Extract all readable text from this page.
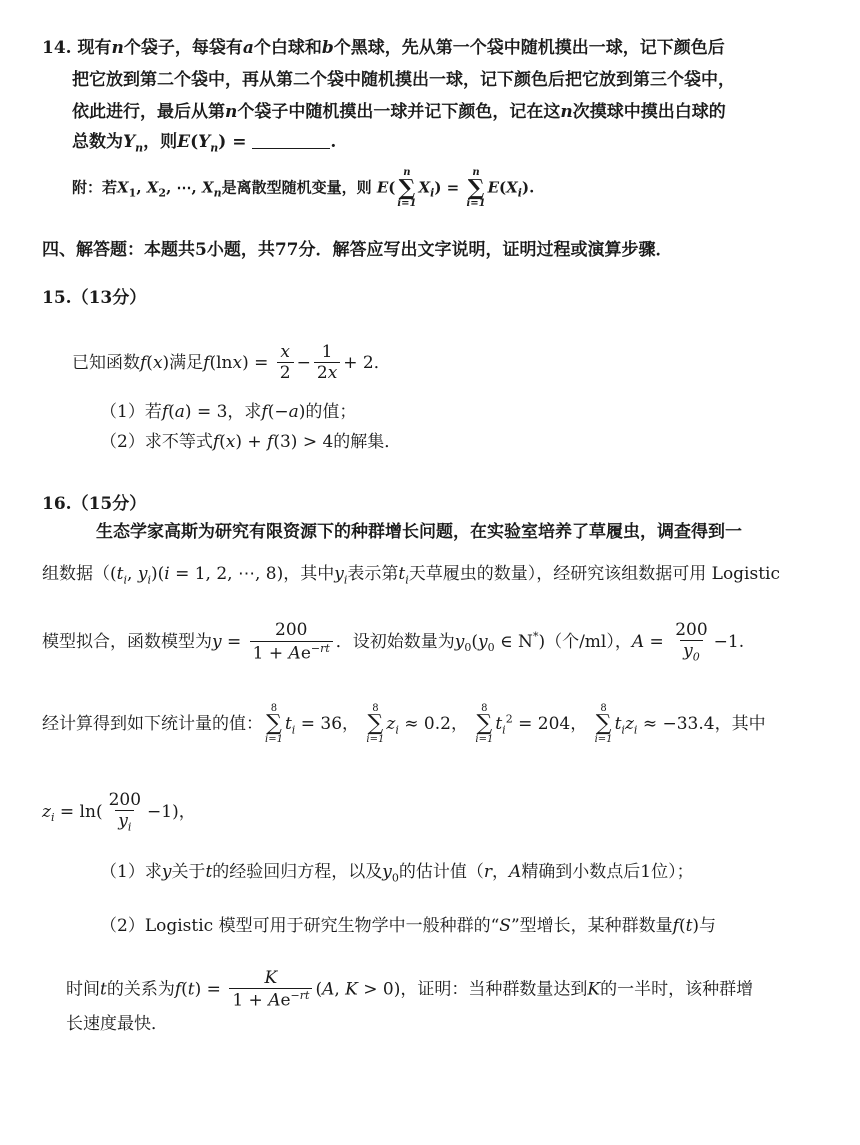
14. 现有n个袋子，每袋有a个白球和b个黑球，先从第一个袋中随机摸出一球，记下颜色后
把它放到第二个袋中，再从第二个袋中随机摸出一球，记下颜色后把它放到第三个袋中，
依此进行，最后从第n个袋子中随机摸出一球并记下颜色，记在这n次摸球中摸出白球的
总数为$Y_n$，则$E(Y_n)$ =	.
附：若$X_1$, $X_2$, ⋯, $X_n$是离散型随机变量，则 E(
n
∑
i=1
$X_i$) =
n
∑
i=1
$E(X_i)$.
四、解答题：本题共5小题，共77分．解答应写出文字说明，证明过程或演算步骤．
15.（13分）
已知函数f(x)满足$f(\ln x) = \frac{x}{2} - \frac{1}{2x} + 2$．
（1）若f(a) = 3，求f(−a)的值；
（2）求不等式f(x) + f(3) > 4的解集．
16.（15分）
生态学家高斯为研究有限资源下的种群增长问题，在实验室培养了草履虫，调查得到一
组数据（($t_i$, $y_i)(i = 1$, 2, ⋯, 8)，其中$y_i$表示第$t_i$天草履虫的数量），经研究该组数据可用 Logistic
模型拟合，函数模型为$y = \frac{200}{1 + Ae^{-rt}}$ ．设初始数量为$y_0(y_0$ ∈ N*)（个/ml），$A = \frac{200}{y_0} -1$.
经计算得到如下统计量的值：
8
∑
i=1
$t_i = 36$，
8
∑
i=1
$z_i \approx 0.2$，
8
∑
i=1
$t_i^2 = 204$，
8
∑
i=1
$t_iz_i \approx -33.4$，其中
$z_i = \ln( \frac{200}{y_i} -1)$，
（1）求y关于t的经验回归方程，以及$y_0$的估计值（r，A精确到小数点后1位）；
（2）Logistic 模型可用于研究生物学中一般种群的“S”型增长，某种群数量f(t)与
时间t的关系为$f(t) = \frac{K}{1 + Ae^{-rt}} (A$, K > 0)，证明：当种群数量达到K的一半时，该种群增
长速度最快．
